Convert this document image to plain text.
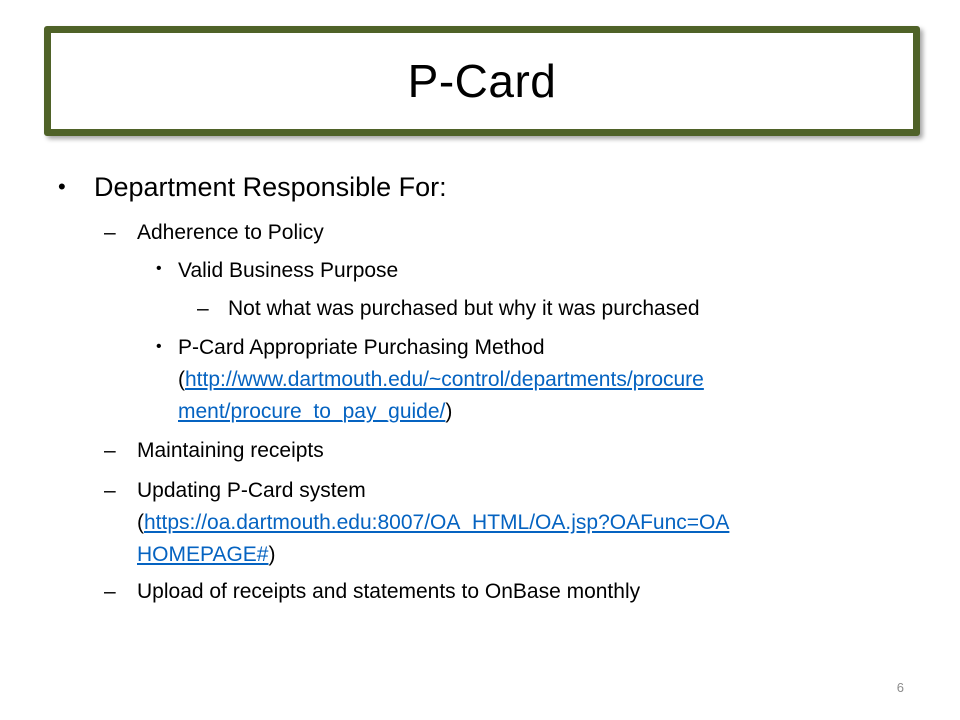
P-Card
• Department Responsible For:
– Adherence to Policy
• Valid Business Purpose
– Not what was purchased but why it was purchased
• P-Card Appropriate Purchasing Method
(http://www.dartmouth.edu/~control/departments/procure
ment/procure_to_pay_guide/)
– Maintaining receipts
– Updating P-Card system
(https://oa.dartmouth.edu:8007/OA_HTML/OA.jsp?OAFunc=OA
HOMEPAGE#)
– Upload of receipts and statements to OnBase monthly
6
